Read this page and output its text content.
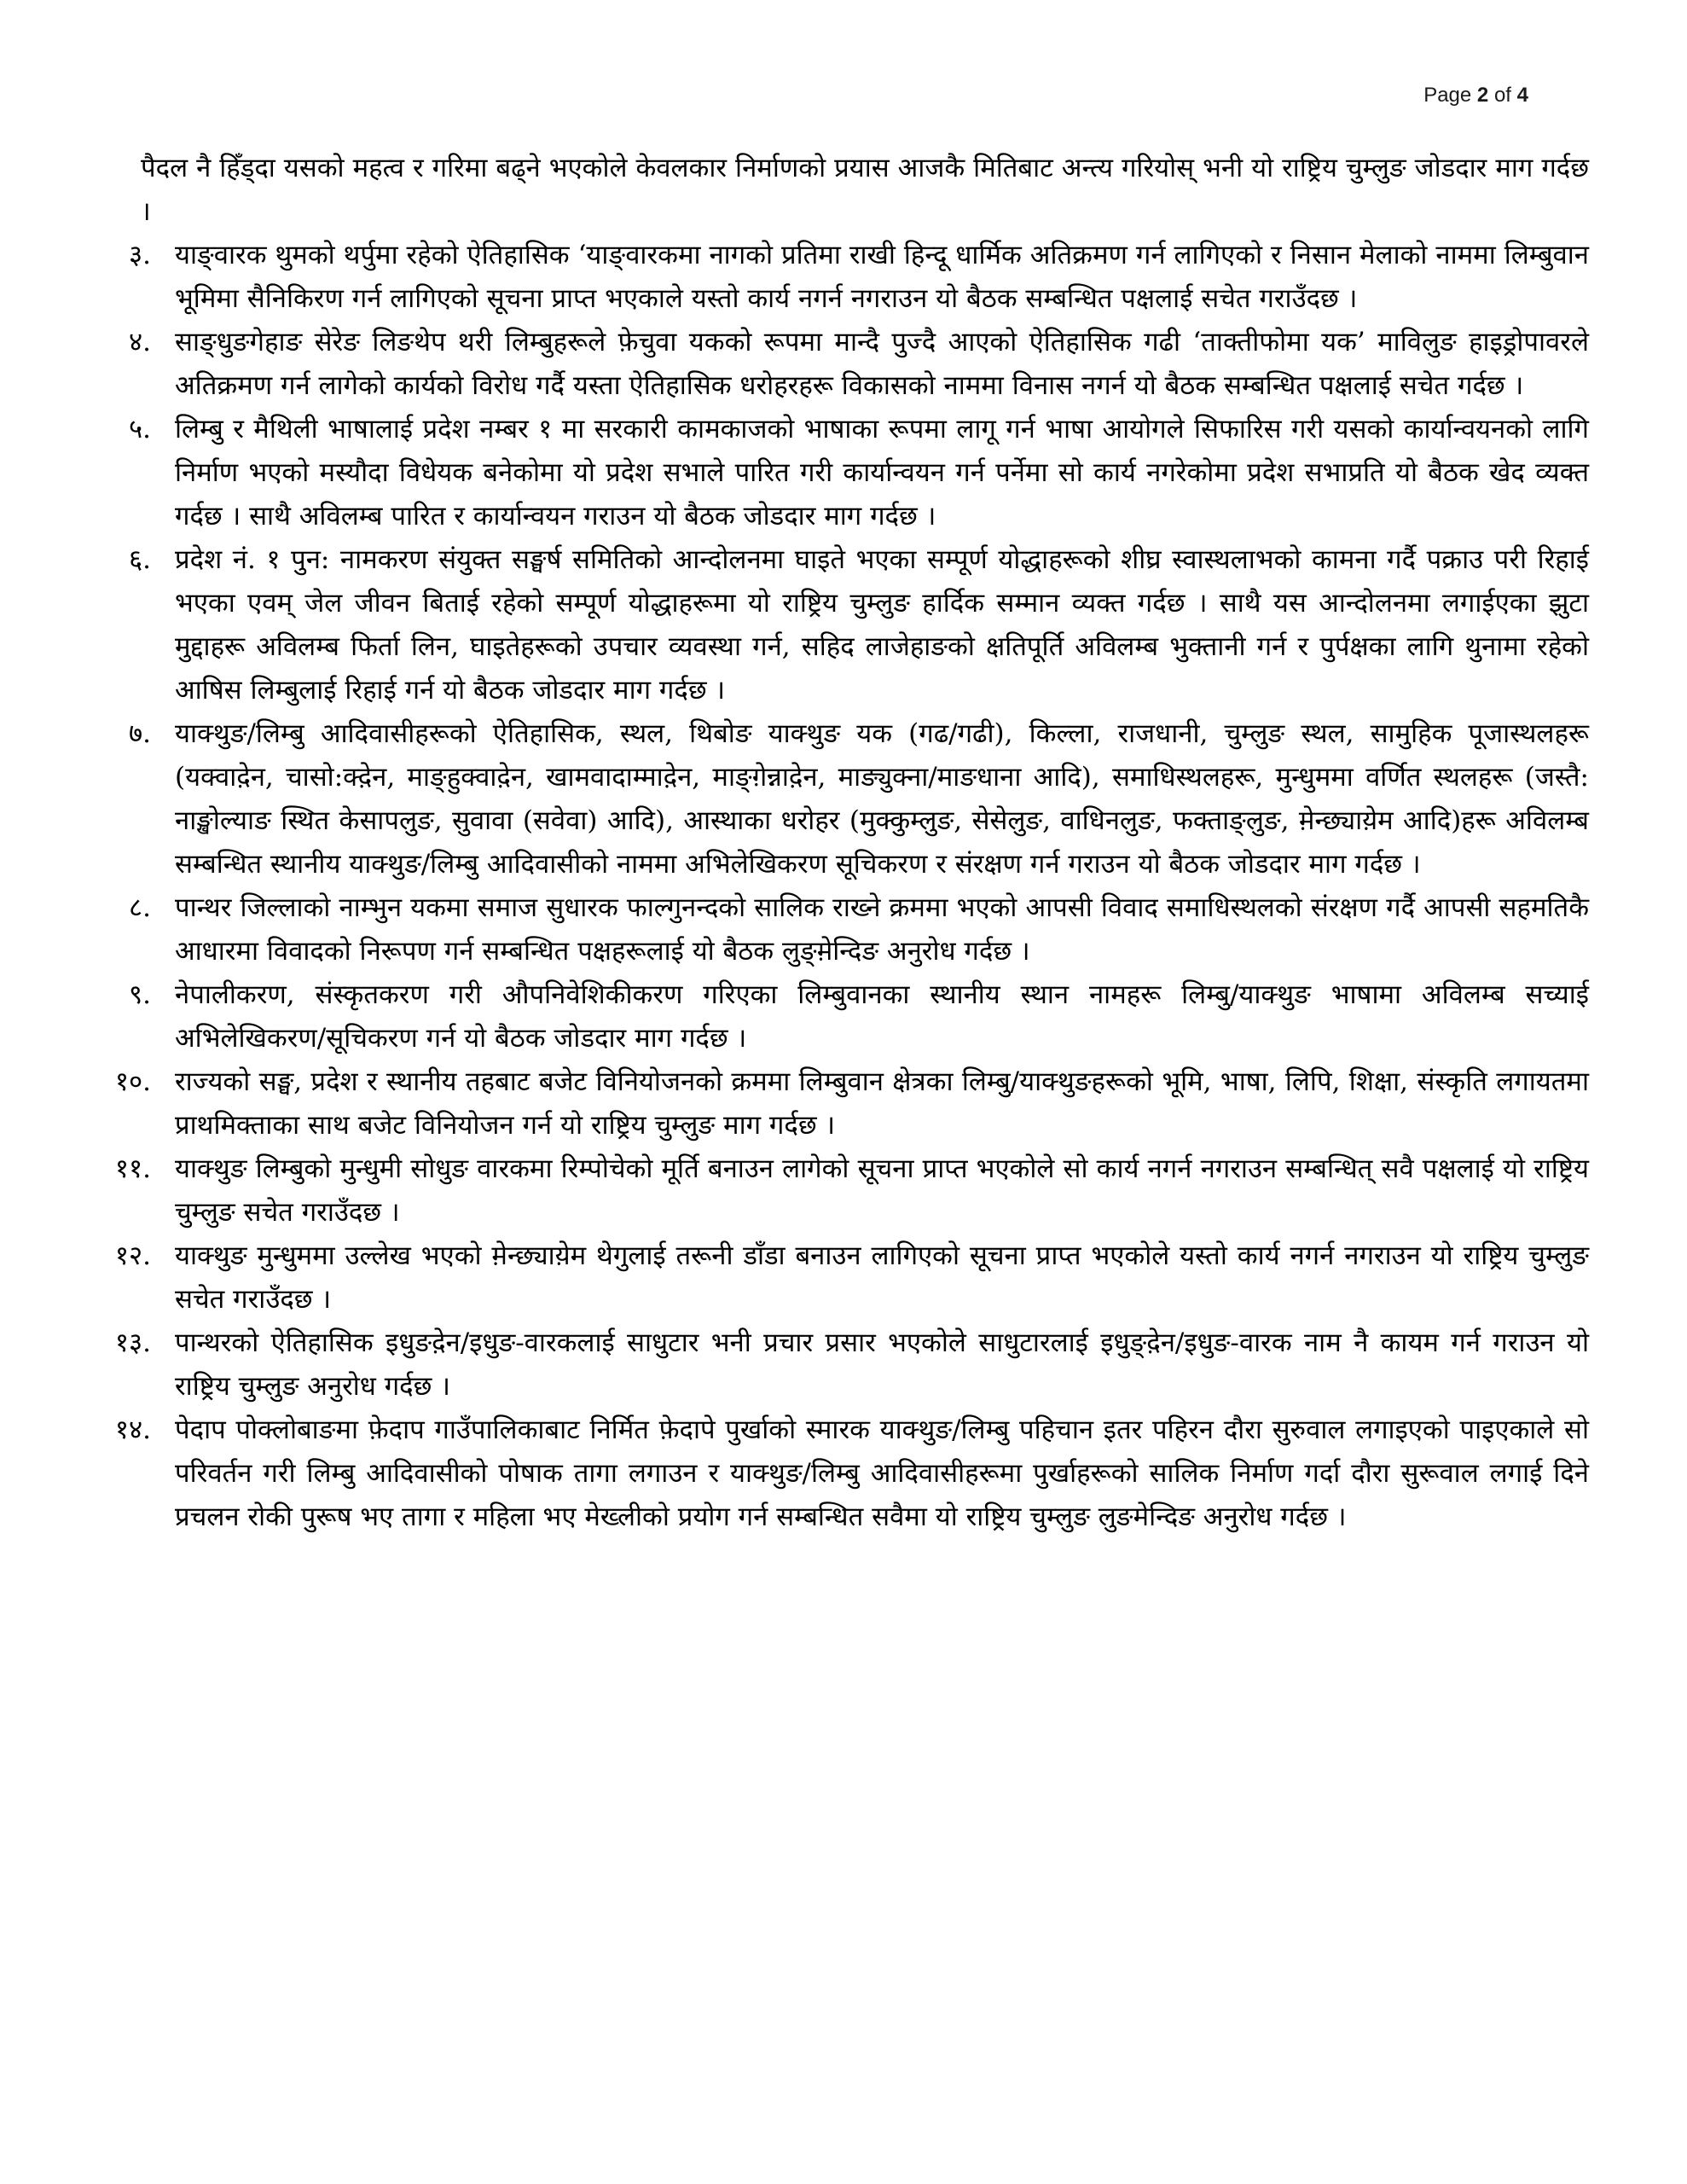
Page 2 of 4

पैदल नै हिँड्दा यसको महत्व र गरिमा बढ्ने भएकोले केवलकार निर्माणको प्रयास आजकै मितिबाट अन्त्य गरियोस् भनी यो राष्ट्रिय चुम्लुङ जोडदार माग गर्दछ ।

३. याङ्वारक थुमको थर्पुमा रहेको ऐतिहासिक ‘याङ्वारकमा नागको प्रतिमा राखी हिन्दू धार्मिक अतिक्रमण गर्न लागिएको र निसान मेलाको नाममा लिम्बुवान भूमिमा सैनिकिरण गर्न लागिएको सूचना प्राप्त भएकाले यस्तो कार्य नगर्न नगराउन यो बैठक सम्बन्धित पक्षलाई सचेत गराउँदछ ।
४. साङ्धुङगेहाङ सेरेङ लिङथेप थरी लिम्बुहरूले फ़ेचुवा यकको रूपमा मान्दै पुज्दै आएको ऐतिहासिक गढी ‘ताक्तीफोमा यक’ माविलुङ हाइड्रोपावरले अतिक्रमण गर्न लागेको कार्यको विरोध गर्दै यस्ता ऐतिहासिक धरोहरहरू विकासको नाममा विनास नगर्न यो बैठक सम्बन्धित पक्षलाई सचेत गर्दछ ।
५. लिम्बु र मैथिली भाषालाई प्रदेश नम्बर १ मा सरकारी कामकाजको भाषाका रूपमा लागू गर्न भाषा आयोगले सिफारिस गरी यसको कार्यान्वयनको लागि निर्माण भएको मस्यौदा विधेयक बनेकोमा यो प्रदेश सभाले पारित गरी कार्यान्वयन गर्न पर्नेमा सो कार्य नगरेकोमा प्रदेश सभाप्रति यो बैठक खेद व्यक्त गर्दछ । साथै अविलम्ब पारित र कार्यान्वयन गराउन यो बैठक जोडदार माग गर्दछ ।
६. प्रदेश नं. १ पुन: नामकरण संयुक्त सङ्घर्ष समितिको आन्दोलनमा घाइते भएका सम्पूर्ण योद्धाहरूको शीघ्र स्वास्थलाभको कामना गर्दै पक्राउ परी रिहाई भएका एवम् जेल जीवन बिताई रहेको सम्पूर्ण योद्धाहरूमा यो राष्ट्रिय चुम्लुङ हार्दिक सम्मान व्यक्त गर्दछ । साथै यस आन्दोलनमा लगाईएका झुटा मुद्दाहरू अविलम्ब फिर्ता लिन, घाइतेहरूको उपचार व्यवस्था गर्न, सहिद लाजेहाङको क्षतिपूर्ति अविलम्ब भुक्तानी गर्न र पुर्पक्षका लागि थुनामा रहेको आषिस लिम्बुलाई रिहाई गर्न यो बैठक जोडदार माग गर्दछ ।
७. याक्थुङ/लिम्बु आदिवासीहरूको ऐतिहासिक, स्थल, थिबोङ याक्थुङ यक (गढ/गढी), किल्ला, राजधानी, चुम्लुङ स्थल, सामुहिक पूजास्थलहरू (यक्वाद़ेन, चासो:क्द़ेन, माङ्हुक्वाद़ेन, खामवादाम्माद़ेन, माङ्ग़ेन्नाद़ेन, माङ्युक्ना/माङधाना आदि), समाधिस्थलहरू, मुन्धुममा वर्णित स्थलहरू (जस्तै: नाङ्खोल्याङ स्थित केसापलुङ, सुवावा (सवेवा) आदि), आस्थाका धरोहर (मुक्कुम्लुङ, सेसेलुङ, वाधिनलुङ, फक्ताङ्लुङ, म़ेन्छ्याय़ेम आदि)हरू अविलम्ब सम्बन्धित स्थानीय याक्थुङ/लिम्बु आदिवासीको नाममा अभिलेखिकरण सूचिकरण र संरक्षण गर्न गराउन यो बैठक जोडदार माग गर्दछ ।
८. पान्थर जिल्लाको नाम्भुन यकमा समाज सुधारक फाल्गुनन्दको सालिक राख्ने क्रममा भएको आपसी विवाद समाधिस्थलको संरक्षण गर्दै आपसी सहमतिकै आधारमा विवादको निरूपण गर्न सम्बन्धित पक्षहरूलाई यो बैठक लुङ्म़ेन्दिङ अनुरोध गर्दछ ।
९. नेपालीकरण, संस्कृतकरण गरी औपनिवेशिकीकरण गरिएका लिम्बुवानका स्थानीय स्थान नामहरू लिम्बु/याक्थुङ भाषामा अविलम्ब सच्याई अभिलेखिकरण/सूचिकरण गर्न यो बैठक जोडदार माग गर्दछ ।
१०. राज्यको सङ्घ, प्रदेश र स्थानीय तहबाट बजेट विनियोजनको क्रममा लिम्बुवान क्षेत्रका लिम्बु/याक्थुङहरूको भूमि, भाषा, लिपि, शिक्षा, संस्कृति लगायतमा प्राथमिक्ताका साथ बजेट विनियोजन गर्न यो राष्ट्रिय चुम्लुङ माग गर्दछ ।
११. याक्थुङ लिम्बुको मुन्धुमी सोधुङ वारकमा रिम्पोचेको मूर्ति बनाउन लागेको सूचना प्राप्त भएकोले सो कार्य नगर्न नगराउन सम्बन्धित् सवै पक्षलाई यो राष्ट्रिय चुम्लुङ सचेत गराउँदछ ।
१२. याक्थुङ मुन्धुममा उल्लेख भएको म़ेन्छ्याय़ेम थेगुलाई तरूनी डाँडा बनाउन लागिएको सूचना प्राप्त भएकोले यस्तो कार्य नगर्न नगराउन यो राष्ट्रिय चुम्लुङ सचेत गराउँदछ ।
१३. पान्थरको ऐतिहासिक इधुङद़ेन/इधुङ-वारकलाई साधुटार भनी प्रचार प्रसार भएकोले साधुटारलाई इधुङ्द़ेन/इधुङ-वारक नाम नै कायम गर्न गराउन यो राष्ट्रिय चुम्लुङ अनुरोध गर्दछ ।
१४. पेदाप पोक्लोबाङमा फ़ेदाप गाउँपालिकाबाट निर्मित फ़ेदापे पुर्खाको स्मारक याक्थुङ/लिम्बु पहिचान इतर पहिरन दौरा सुरुवाल लगाइएको पाइएकाले सो परिवर्तन गरी लिम्बु आदिवासीको पोषाक तागा लगाउन र याक्थुङ/लिम्बु आदिवासीहरूमा पुर्खाहरूको सालिक निर्माण गर्दा दौरा सुरूवाल लगाई दिने प्रचलन रोकी पुरूष भए तागा र महिला भए मेख्लीको प्रयोग गर्न सम्बन्धित सवैमा यो राष्ट्रिय चुम्लुङ लुङमेन्दिङ अनुरोध गर्दछ ।
